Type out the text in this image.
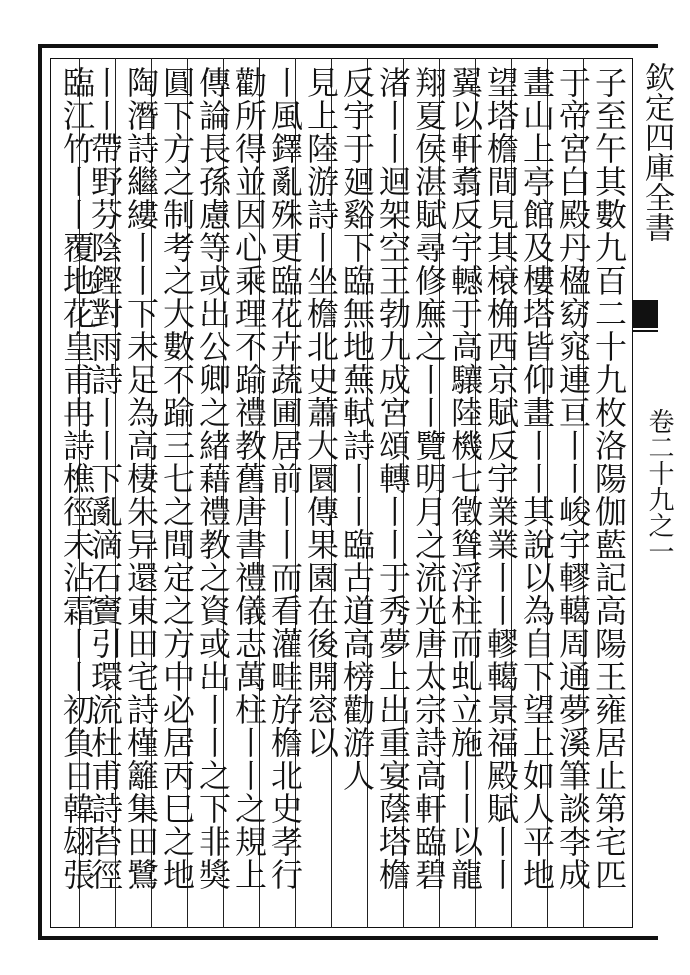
欽定四庫全書
卷二十九之一
子至午其數九百二十九枚洛陽伽藍記高陽王雍居止第宅匹
于帝宮白殿丹楹窈窕連亘丨丨峻宇轇轕周通夢溪筆談李成
畫山上亭館及樓塔皆仰畫丨丨其說以為自下望上如人平地
望塔檐間見其榱桷西京賦反宇業業丨丨轇轕景福殿賦丨丨
翼以軒翥反宇轗于高驤陸機七徵聳浮柱而虬立施丨丨以龍
翔夏侯湛賦尋修廡之丨丨覽明月之流光唐太宗詩高軒臨碧
渚丨丨迴架空王勃九成宮頌轉丨丨于秀夢上出重宴蔭塔檐
反宇于廻谿下臨無地蕪軾詩丨丨臨古道高榜勸游人
見上陸游詩丨坐檐北史蕭大圜傳果園在後開窓以
丨風鐸亂殊更臨花卉蔬圃居前丨丨而看灌畦斿檐北史孝行
勸所得並因心乘理不踰禮教舊唐書禮儀志萬柱丨丨之規上
傳論長孫慮等或出公卿之緒藉禮教之資或出丨丨之下非獎
圓下方之制考之大數不踰三七之間定之方中必居丙巳之地
陶潛詩繼縷丨丨下未足為高棲朱异還東田宅詩槿籬集田鷺
丨丨帶野芬陰鏗對雨詩丨丨下亂滴石竇引環流杜甫詩苔徑
臨江竹丨丨覆地花皇甫冉詩樵徑未沾霜丨丨初負日韓翃張
